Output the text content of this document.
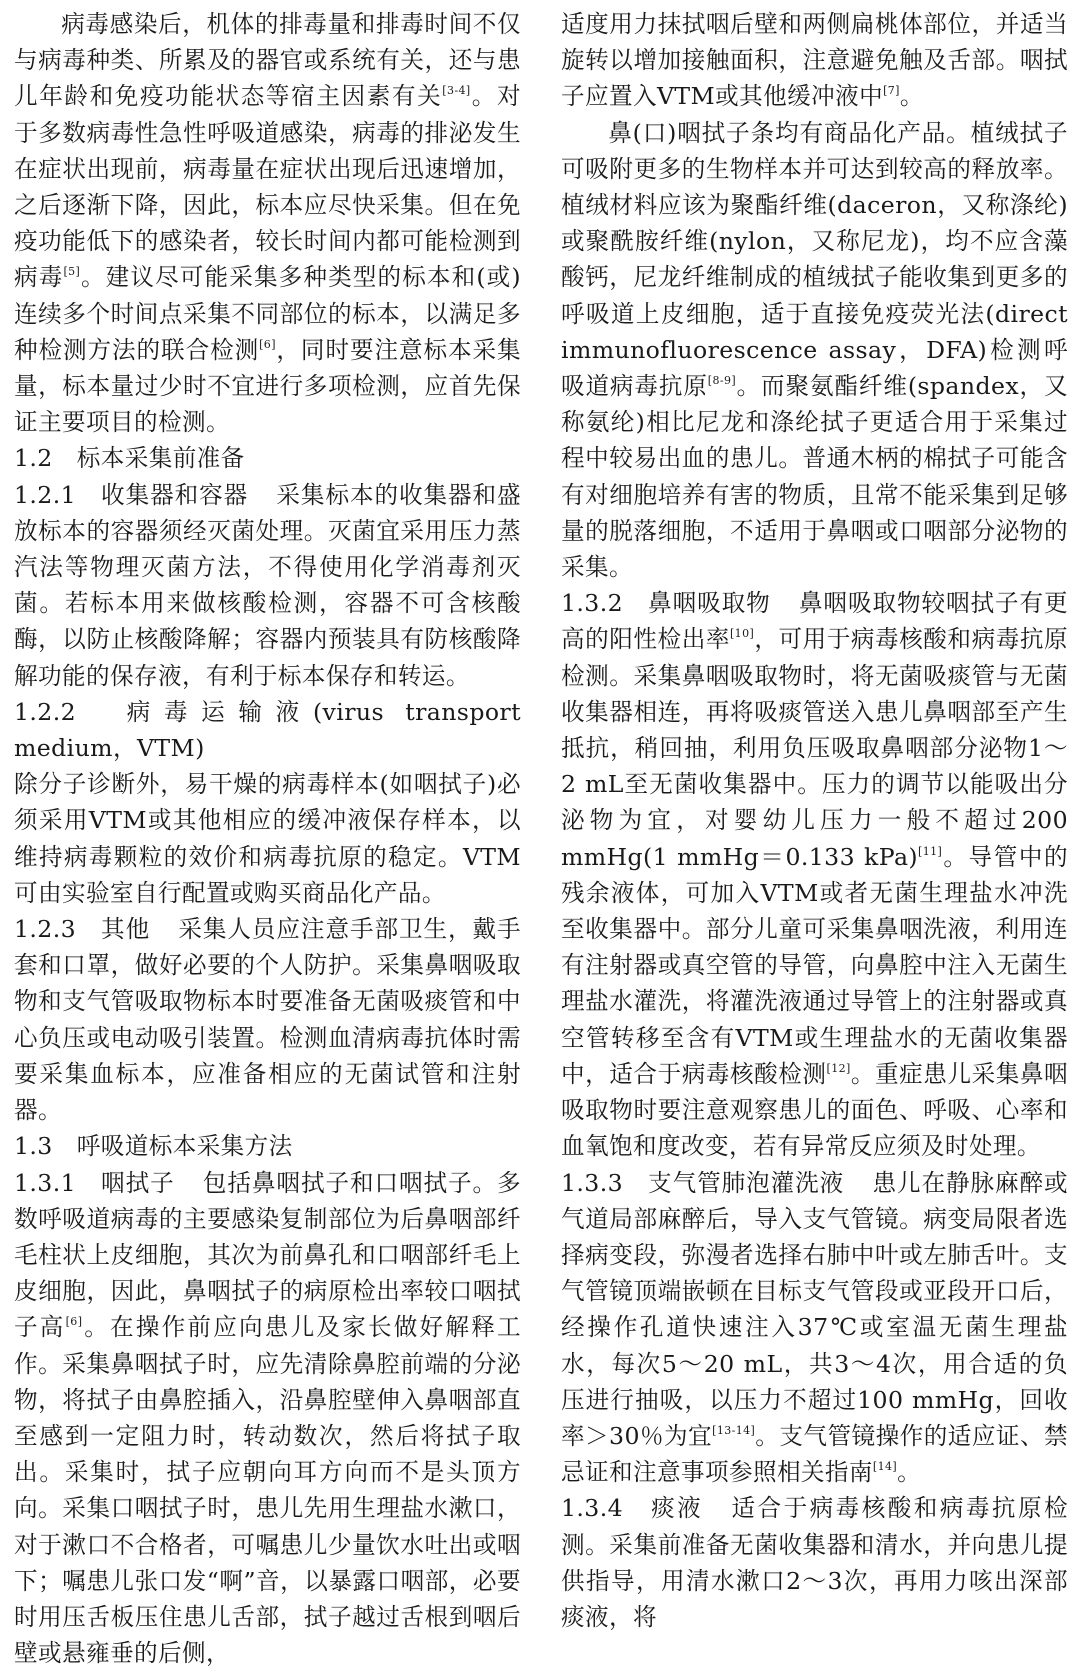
病毒感染后，机体的排毒量和排毒时间不仅与病毒种类、所累及的器官或系统有关，还与患儿年龄和免疫功能状态等宿主因素有关[3-4]。对于多数病毒性急性呼吸道感染，病毒的排泌发生在症状出现前，病毒量在症状出现后迅速增加，之后逐渐下降，因此，标本应尽快采集。但在免疫功能低下的感染者，较长时间内都可能检测到病毒[5]。建议尽可能采集多种类型的标本和(或)连续多个时间点采集不同部位的标本，以满足多种检测方法的联合检测[6]，同时要注意标本采集量，标本量过少时不宜进行多项检测，应首先保证主要项目的检测。

1.2　标本采集前准备

1.2.1　收集器和容器 采集标本的收集器和盛放标本的容器须经灭菌处理。灭菌宜采用压力蒸汽法等物理灭菌方法，不得使用化学消毒剂灭菌。若标本用来做核酸检测，容器不可含核酸酶，以防止核酸降解；容器内预装具有防核酸降解功能的保存液，有利于标本保存和转运。

1.2.2　病毒运输液(virus transport medium，VTM)

除分子诊断外，易干燥的病毒样本(如咽拭子)必须采用VTM或其他相应的缓冲液保存样本，以维持病毒颗粒的效价和病毒抗原的稳定。VTM可由实验室自行配置或购买商品化产品。

1.2.3　其他 采集人员应注意手部卫生，戴手套和口罩，做好必要的个人防护。采集鼻咽吸取物和支气管吸取物标本时要准备无菌吸痰管和中心负压或电动吸引装置。检测血清病毒抗体时需要采集血标本，应准备相应的无菌试管和注射器。

1.3　呼吸道标本采集方法

1.3.1　咽拭子 包括鼻咽拭子和口咽拭子。多数呼吸道病毒的主要感染复制部位为后鼻咽部纤毛柱状上皮细胞，其次为前鼻孔和口咽部纤毛上皮细胞，因此，鼻咽拭子的病原检出率较口咽拭子高[6]。在操作前应向患儿及家长做好解释工作。采集鼻咽拭子时，应先清除鼻腔前端的分泌物，将拭子由鼻腔插入，沿鼻腔壁伸入鼻咽部直至感到一定阻力时，转动数次，然后将拭子取出。采集时，拭子应朝向耳方向而不是头顶方向。采集口咽拭子时，患儿先用生理盐水漱口，对于漱口不合格者，可嘱患儿少量饮水吐出或咽下；嘱患儿张口发“啊”音，以暴露口咽部，必要时用压舌板压住患儿舌部，拭子越过舌根到咽后壁或悬雍垂的后侧，

适度用力抹拭咽后壁和两侧扁桃体部位，并适当旋转以增加接触面积，注意避免触及舌部。咽拭子应置入VTM或其他缓冲液中[7]。

鼻(口)咽拭子条均有商品化产品。植绒拭子可吸附更多的生物样本并可达到较高的释放率。植绒材料应该为聚酯纤维(daceron，又称涤纶)或聚酰胺纤维(nylon，又称尼龙)，均不应含藻酸钙，尼龙纤维制成的植绒拭子能收集到更多的呼吸道上皮细胞，适于直接免疫荧光法(direct immunofluorescence assay，DFA)检测呼吸道病毒抗原[8-9]。而聚氨酯纤维(spandex，又称氨纶)相比尼龙和涤纶拭子更适合用于采集过程中较易出血的患儿。普通木柄的棉拭子可能含有对细胞培养有害的物质，且常不能采集到足够量的脱落细胞，不适用于鼻咽或口咽部分泌物的采集。

1.3.2　鼻咽吸取物 鼻咽吸取物较咽拭子有更高的阳性检出率[10]，可用于病毒核酸和病毒抗原检测。采集鼻咽吸取物时，将无菌吸痰管与无菌收集器相连，再将吸痰管送入患儿鼻咽部至产生抵抗，稍回抽，利用负压吸取鼻咽部分泌物1～2 mL至无菌收集器中。压力的调节以能吸出分泌物为宜，对婴幼儿压力一般不超过200 mmHg(1 mmHg＝0.133 kPa)[11]。导管中的残余液体，可加入VTM或者无菌生理盐水冲洗至收集器中。部分儿童可采集鼻咽洗液，利用连有注射器或真空管的导管，向鼻腔中注入无菌生理盐水灌洗，将灌洗液通过导管上的注射器或真空管转移至含有VTM或生理盐水的无菌收集器中，适合于病毒核酸检测[12]。重症患儿采集鼻咽吸取物时要注意观察患儿的面色、呼吸、心率和血氧饱和度改变，若有异常反应须及时处理。

1.3.3　支气管肺泡灌洗液 患儿在静脉麻醉或气道局部麻醉后，导入支气管镜。病变局限者选择病变段，弥漫者选择右肺中叶或左肺舌叶。支气管镜顶端嵌顿在目标支气管段或亚段开口后，经操作孔道快速注入37℃或室温无菌生理盐水，每次5～20 mL，共3～4次，用合适的负压进行抽吸，以压力不超过100 mmHg，回收率＞30％为宜[13-14]。支气管镜操作的适应证、禁忌证和注意事项参照相关指南[14]。

1.3.4　痰液 适合于病毒核酸和病毒抗原检测。采集前准备无菌收集器和清水，并向患儿提供指导，用清水漱口2～3次，再用力咳出深部痰液，将
